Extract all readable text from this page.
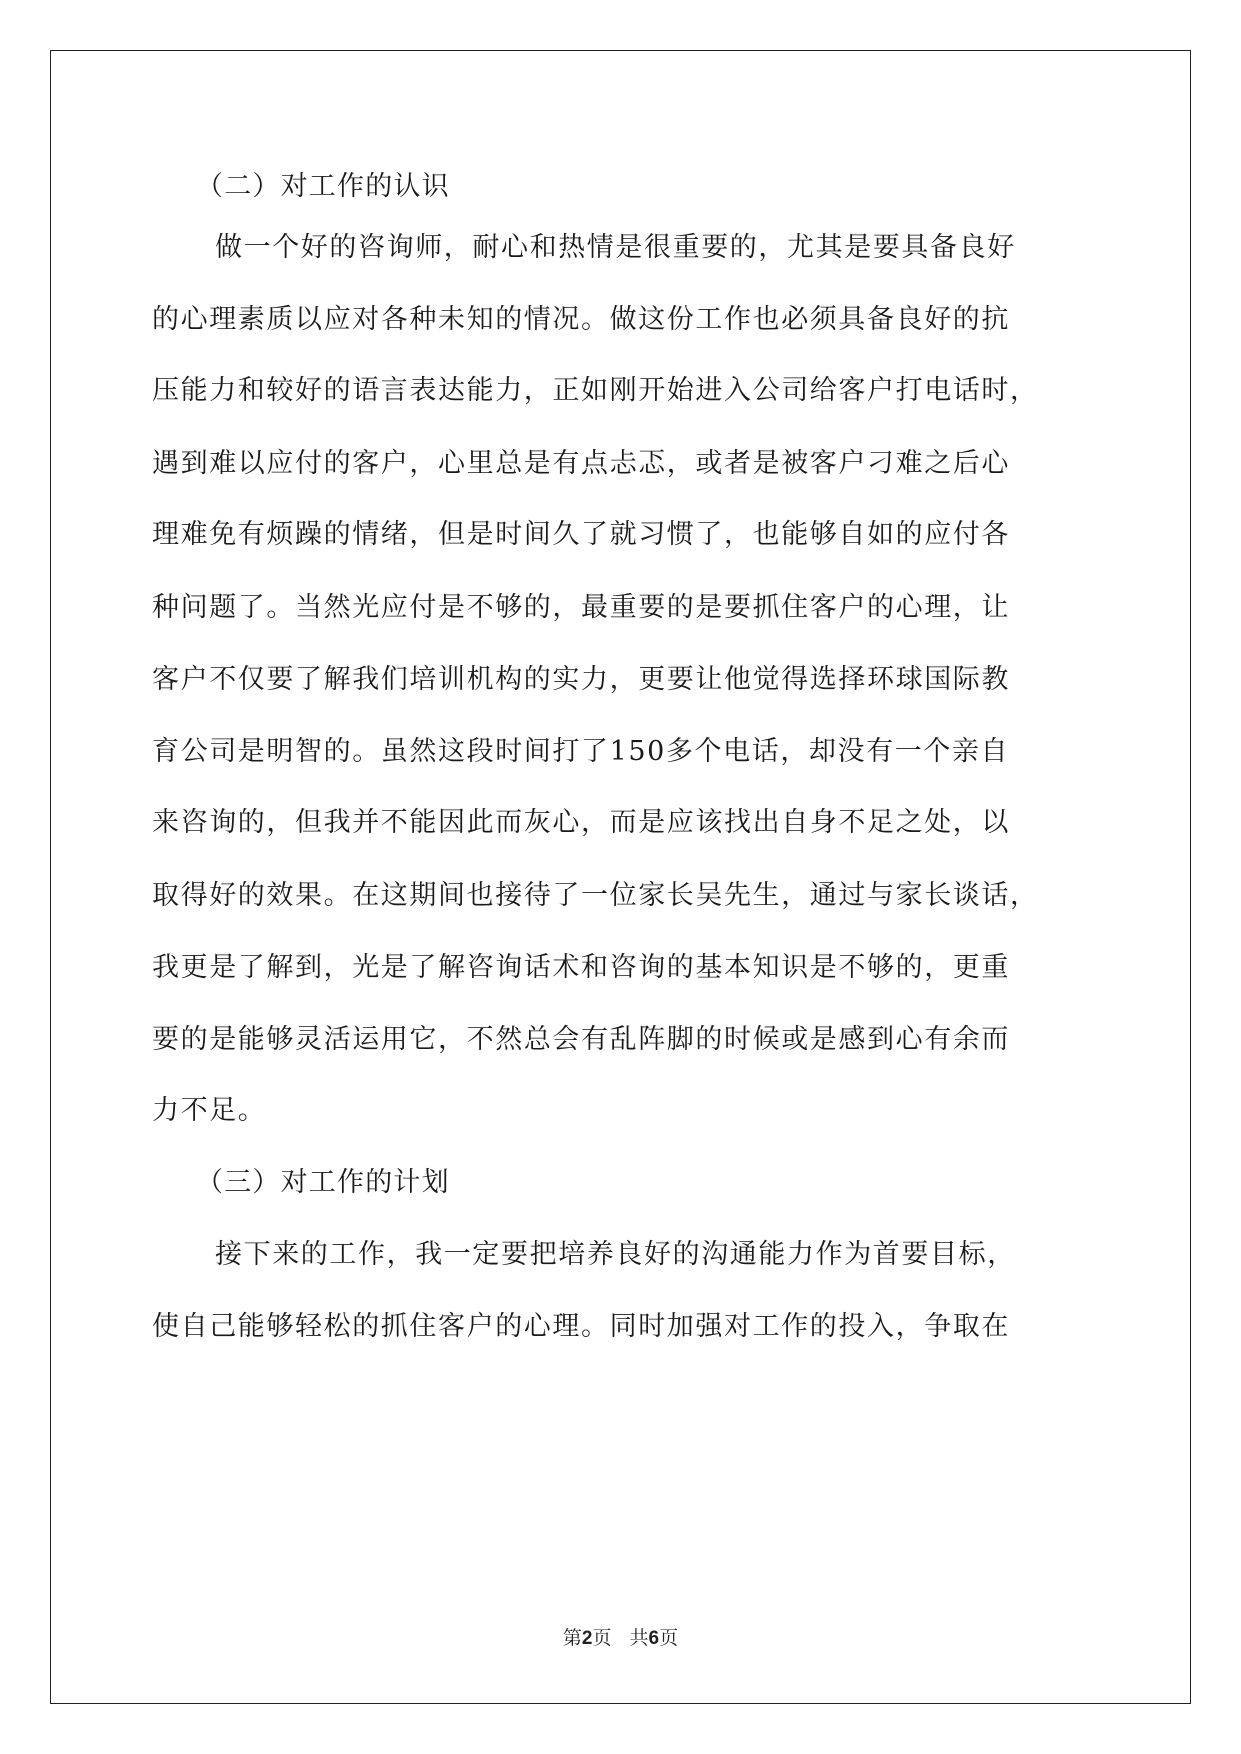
（二）对工作的认识
做一个好的咨询师，耐心和热情是很重要的，尤其是要具备良好
的心理素质以应对各种未知的情况。做这份工作也必须具备良好的抗
压能力和较好的语言表达能力，正如刚开始进入公司给客户打电话时，
遇到难以应付的客户，心里总是有点忐忑，或者是被客户刁难之后心
理难免有烦躁的情绪，但是时间久了就习惯了，也能够自如的应付各
种问题了。当然光应付是不够的，最重要的是要抓住客户的心理，让
客户不仅要了解我们培训机构的实力，更要让他觉得选择环球国际教
育公司是明智的。虽然这段时间打了150多个电话，却没有一个亲自
来咨询的，但我并不能因此而灰心，而是应该找出自身不足之处，以
取得好的效果。在这期间也接待了一位家长吴先生，通过与家长谈话，
我更是了解到，光是了解咨询话术和咨询的基本知识是不够的，更重
要的是能够灵活运用它，不然总会有乱阵脚的时候或是感到心有余而
力不足。
（三）对工作的计划
接下来的工作，我一定要把培养良好的沟通能力作为首要目标，
使自己能够轻松的抓住客户的心理。同时加强对工作的投入，争取在
第2页 共6页
